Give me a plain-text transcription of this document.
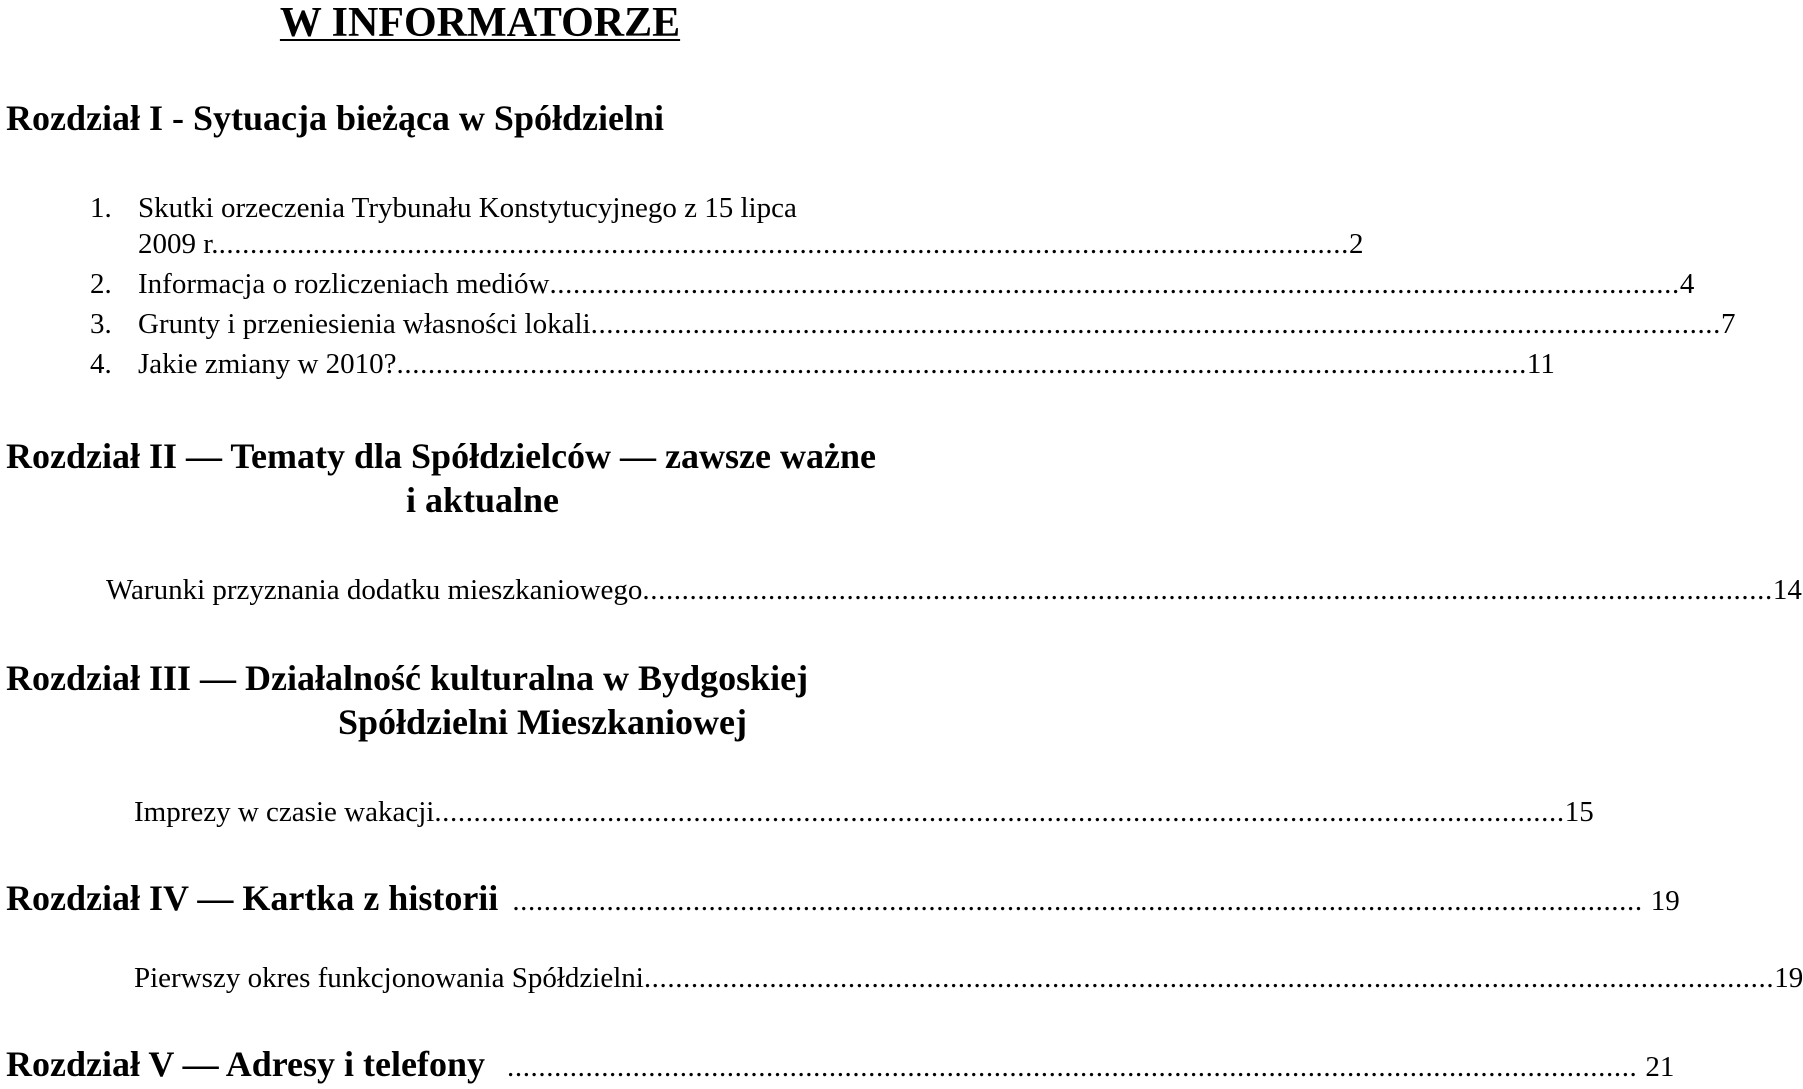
W INFORMATORZE
Rozdział I - Sytuacja bieżąca w Spółdzielni
1. Skutki orzeczenia Trybunału Konstytucyjnego z 15 lipca
2009 r. ................................................................................................................................................ 2
2. Informacja o rozliczeniach mediów ................................................................................................................................................ 4
3. Grunty i przeniesienia własności lokali ................................................................................................................................................ 7
4. Jakie zmiany w 2010? ................................................................................................................................................ 11
Rozdział II — Tematy dla Spółdzielców — zawsze ważne
i aktualne
Warunki przyznania dodatku mieszkaniowego ................................................................................................................................................ 14
Rozdział III — Działalność kulturalna w Bydgoskiej
Spółdzielni Mieszkaniowej
Imprezy w czasie wakacji ................................................................................................................................................ 15
Rozdział IV — Kartka z historii ................................................................................................................................................ 19
Pierwszy okres funkcjonowania Spółdzielni ................................................................................................................................................ 19
Rozdział V — Adresy i telefony ................................................................................................................................................ 21
